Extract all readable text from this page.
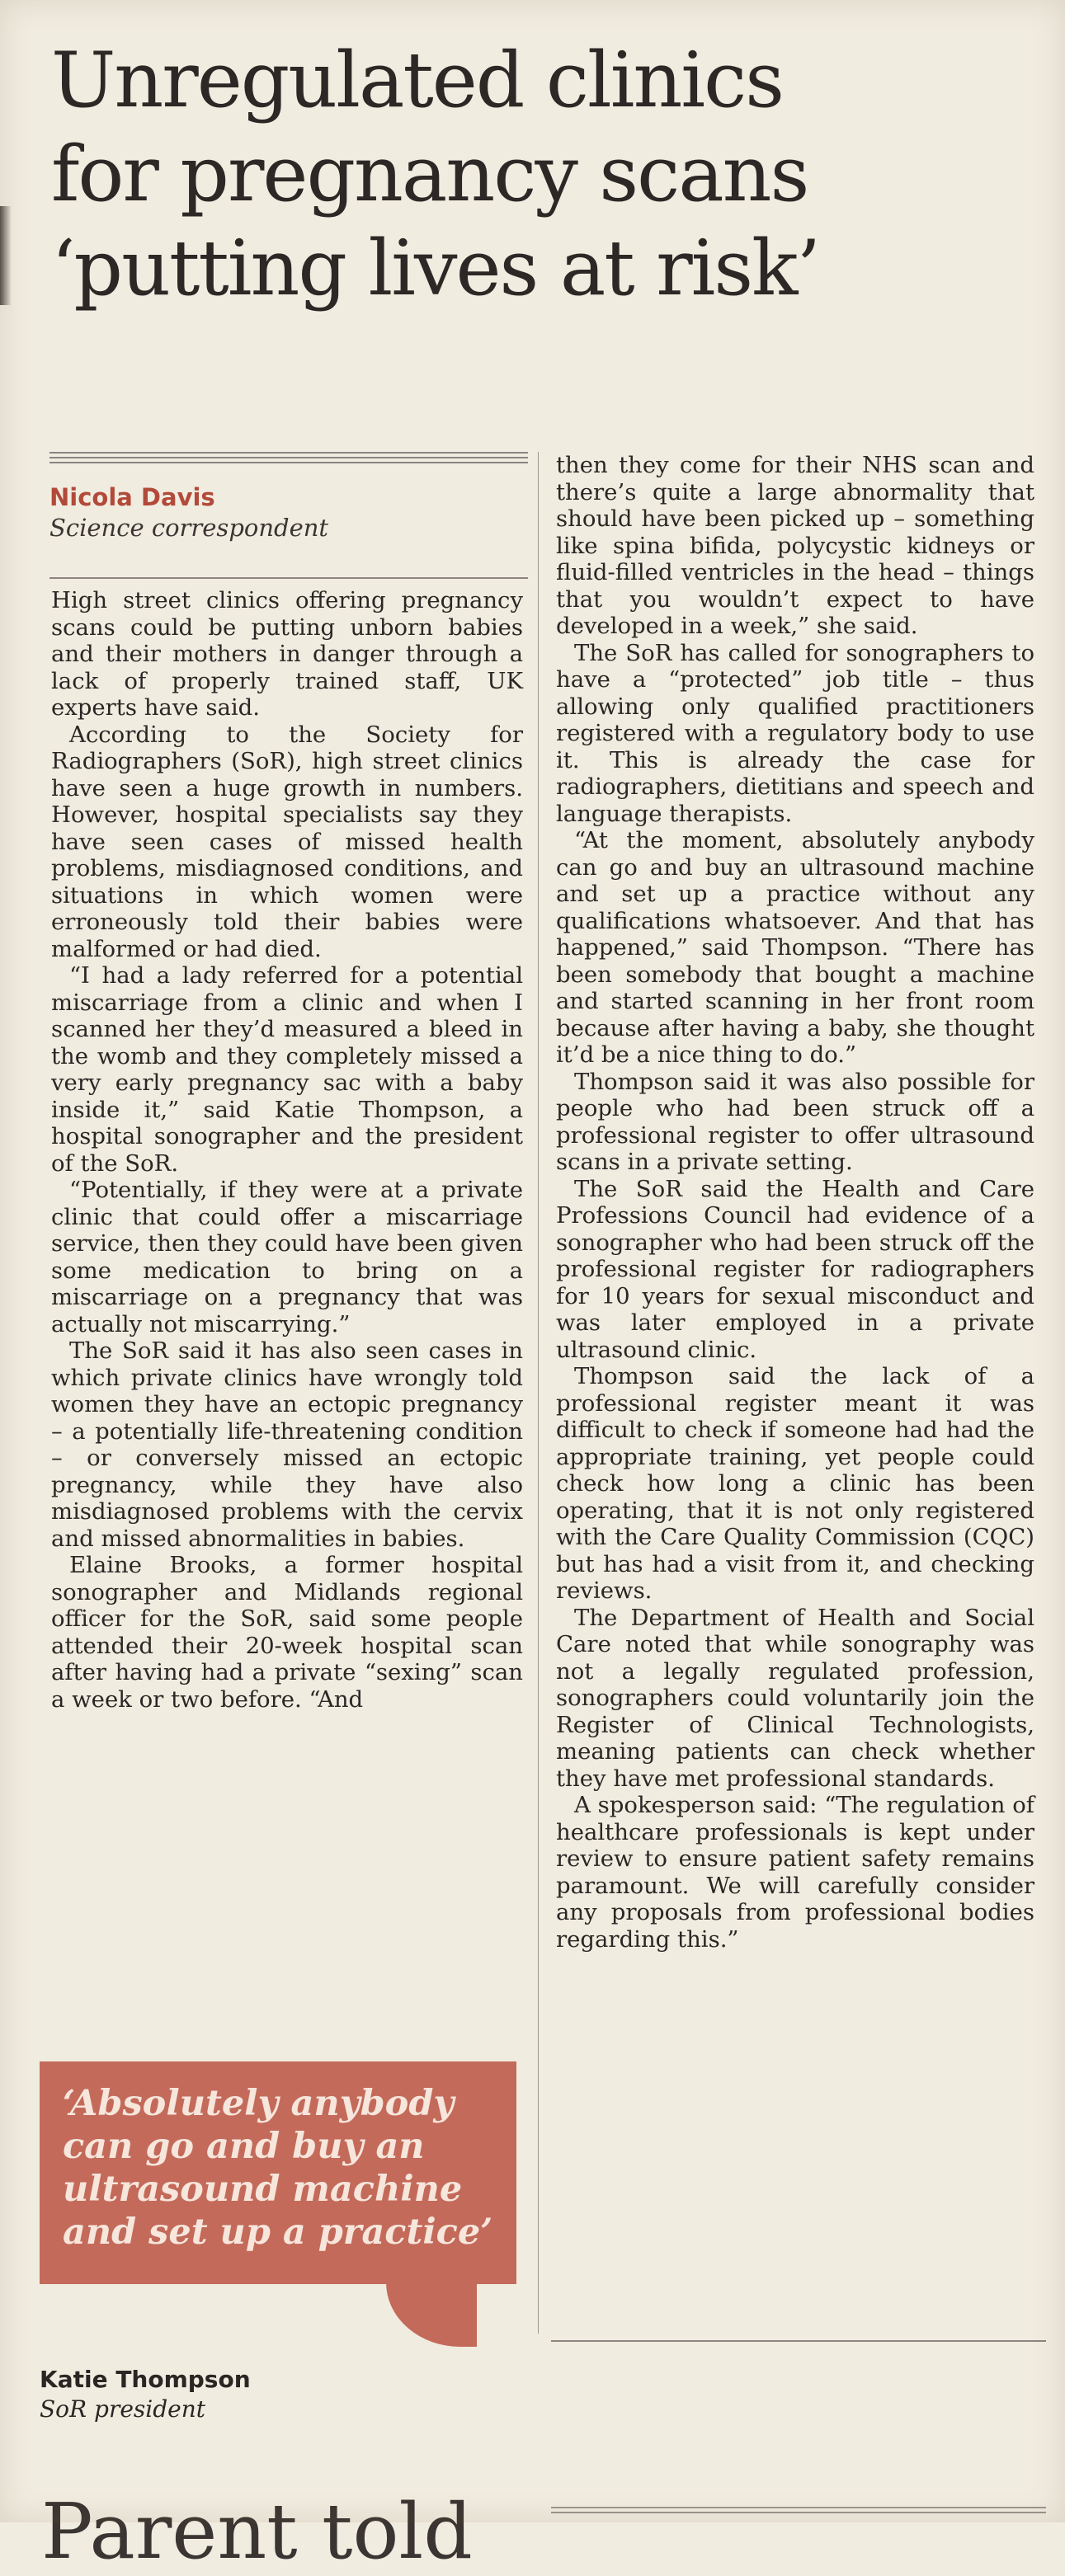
Unregulated clinics
for pregnancy scans
‘putting lives at risk’
Nicola Davis
Science correspondent

High street clinics offering pregnancy scans could be putting unborn babies and their mothers in danger through a lack of properly trained staff, UK experts have said.

According to the Society for Radiographers (SoR), high street clinics have seen a huge growth in numbers. However, hospital specialists say they have seen cases of missed health problems, misdiagnosed conditions, and situations in which women were erroneously told their babies were malformed or had died.

“I had a lady referred for a potential miscarriage from a clinic and when I scanned her they’d measured a bleed in the womb and they completely missed a very early pregnancy sac with a baby inside it,” said Katie Thompson, a hospital sonographer and the president of the SoR.

“Potentially, if they were at a private clinic that could offer a miscarriage service, then they could have been given some medication to bring on a miscarriage on a pregnancy that was actually not miscarrying.”

The SoR said it has also seen cases in which private clinics have wrongly told women they have an ectopic pregnancy – a potentially life-threatening condition – or conversely missed an ectopic pregnancy, while they have also misdiagnosed problems with the cervix and missed abnormalities in babies.

Elaine Brooks, a former hospital sonographer and Midlands regional officer for the SoR, said some people attended their 20-week hospital scan after having had a private “sexing” scan a week or two before. “And

then they come for their NHS scan and there’s quite a large abnormality that should have been picked up – something like spina bifida, polycystic kidneys or fluid-filled ventricles in the head – things that you wouldn’t expect to have developed in a week,” she said.

The SoR has called for sonographers to have a “protected” job title – thus allowing only qualified practitioners registered with a regulatory body to use it. This is already the case for radiographers, dietitians and speech and language therapists.

“At the moment, absolutely anybody can go and buy an ultrasound machine and set up a practice without any qualifications whatsoever. And that has happened,” said Thompson. “There has been somebody that bought a machine and started scanning in her front room because after having a baby, she thought it’d be a nice thing to do.”

Thompson said it was also possible for people who had been struck off a professional register to offer ultrasound scans in a private setting.

The SoR said the Health and Care Professions Council had evidence of a sonographer who had been struck off the professional register for radiographers for 10 years for sexual misconduct and was later employed in a private ultrasound clinic.

Thompson said the lack of a professional register meant it was difficult to check if someone had had the appropriate training, yet people could check how long a clinic has been operating, that it is not only registered with the Care Quality Commission (CQC) but has had a visit from it, and checking reviews.

The Department of Health and Social Care noted that while sonography was not a legally regulated profession, sonographers could voluntarily join the Register of Clinical Technologists, meaning patients can check whether they have met professional standards.

A spokesperson said: “The regulation of healthcare professionals is kept under review to ensure patient safety remains paramount. We will carefully consider any proposals from professional bodies regarding this.”

‘Absolutely anybody
can go and buy an
ultrasound machine
and set up a practice’
Katie Thompson
SoR president
Parent told
